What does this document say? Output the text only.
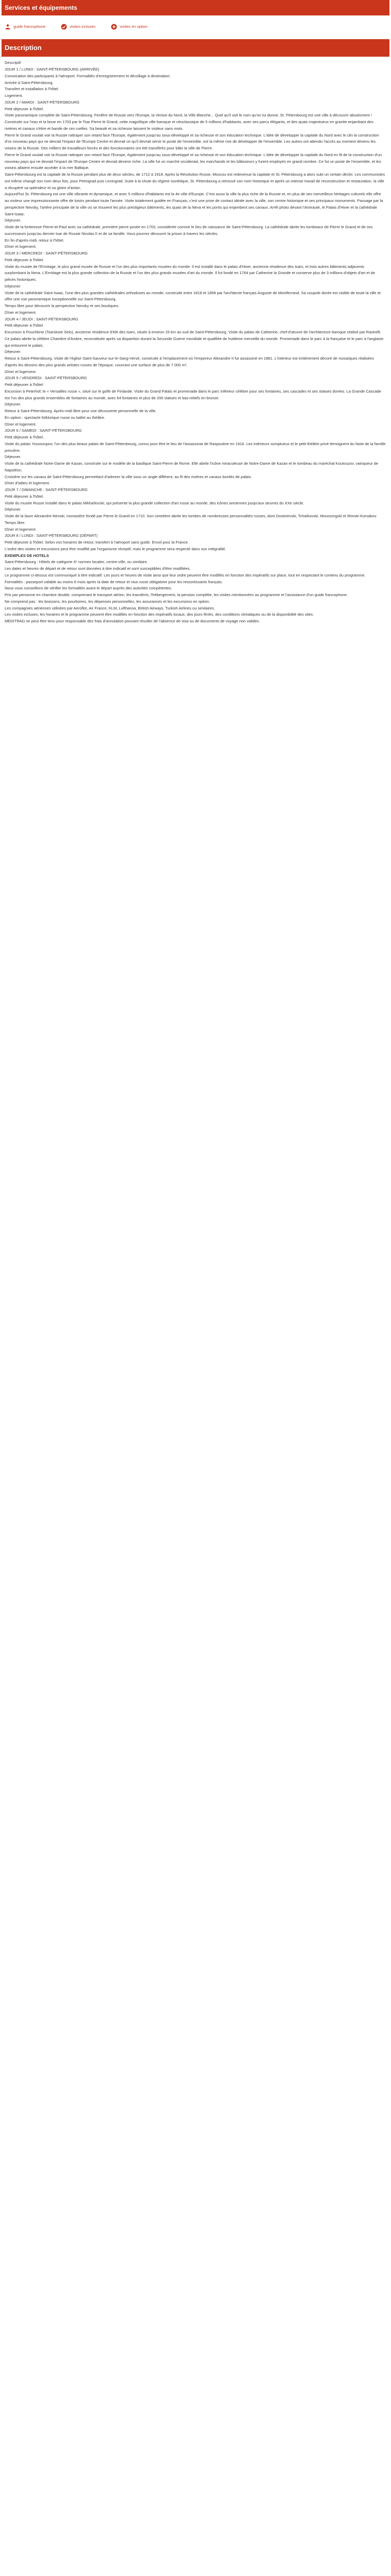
Services et équipements
guide francophone	visites incluses	visites en option
Description

Descriptif

JOUR 1 / LUNDI : SAINT-PÉTERSBOURG (ARRIVÉE)

Convocation des participants à l'aéroport. Formalités d'enregistrement et décollage à destination.

Arrivée à Saint-Pétersbourg.

Transfert et installation à l'hôtel.

Logement.

JOUR 2 / MARDI : SAINT-PÉTERSBOURG

Petit déjeuner à l'hôtel.

Visite panoramique complète de Saint-Pétersbourg. Fenêtre de Russie vers l'Europe, la Venise du Nord, la Ville Blanche... Quel qu'il soit le nom qu'on lui donne, St. Pétersbourg est une ville à découvrir absolument ! Construite sur l'eau et la boue en 1703 par le Tsar Pierre le Grand, cette magnifique ville baroque et néoclassique de 5 millions d'habitants, avec ses parcs élégants, et des quais majestueux en granite enjambant des rivières et canaux s'étire et bande de ces ruelles. Sa beauté et sa richesse laissent le visiteur sans mots.

Pierre le Grand voulait voir la Russie rattraper son retard face l'Europe, également jusqu'au sous-développé et sa richesse et son éducation technique. L'idée de développer la capitale du Nord avec le clin la construction d'ce nouveau pays qui ne devrait l'impact de l'Europe Centre et devrait ce qu'il devrait servir le poste de l'ensemble, est la même rive de développer de l'ensemble. Les autres ont attendu l'accès au moment devenu les voisins de la Russie. Des milliers de travailleurs forcés et des fonctionnaires ont été transférés pour bâtir la ville de Pierre.

Pierre le Grand voulait voir la Russie rattraper son retard face l'Europe, également jusqu'au sous-développé et sa richesse et son éducation technique. L'idée de développer la capitale du Nord en fit de la construction d'un nouveau pays qui ne devrait l'impact de l'Europe Centre et devrait devenir riche. La ville fut un marché occidental, les marchands et les bâtisseurs y furent employés en grand nombre. Ce fut un poste de l'ensemble, et les voisins allaient ensuite accéder à la mer Baltique.

Saint-Pétersbourg est la capitale de la Russie pendant plus de deux siècles, de 1712 à 1918. Après la Révolution Russe, Moscou est redevenue la capitale et St. Pétersbourg a alors subi un certain déclin. Les communistes ont même changé son nom deux fois, pour Petrograd puis Leningrad. Suite à la chute du régime soviétique, St. Pétersbourg a retrouvé son nom historique et après un intense travail de reconstruction et restauration, la ville a récupéré sa splendeur et sa gloire d'antan.

Aujourd'hui St. Pétersbourg est une ville vibrante et dynamique, et avec 5 millions d'habitants est la 4e ville d'Europe. C'est aussi la ville la plus riche de la Russie et, en plus de ses merveilleux héritages culturels elle offre au visiteur une impressionnante offre de loisirs pendant toute l'année. Visite totalement guidée en Français, c'est une prise de contact idéale avec la ville, son centre historique et ses principaux monuments. Passage par la perspective Nevsky, l'artère principale de la ville où se trouvent les plus prestigieux bâtiments, les quais de la Neva et les ponts qui enjambent ses canaux. Arrêt photo devant l'Amirauté, le Palais d'Hiver et la cathédrale Saint-Isaac.

Déjeuner.

Visite de la forteresse Pierre-et-Paul avec sa cathédrale, première pierre posée en 1703, considérée comme le lieu de naissance de Saint-Pétersbourg. La cathédrale abrite les tombeaux de Pierre le Grand et de ses successeurs jusqu'au dernier tsar de Russie Nicolas II et de sa famille. Vous pourrez découvrir la prison à travers les siècles.

En fin d'après-midi, retour à l'hôtel.

Dîner et logement.

JOUR 3 / MERCREDI : SAINT-PÉTERSBOURG

Petit déjeuner à l'hôtel.

Visite du musée de l'Ermitage, le plus grand musée de Russie et l'un des plus importants musées du monde. Il est installé dans le palais d'Hiver, ancienne résidence des tsars, et trois autres bâtiments adjacents surplombant la Neva. L'Ermitage est la plus grande collection de la Russie et l'un des plus grands musées d'art du monde. Il fut fondé en 1764 par Catherine la Grande et conserve plus de 3 millions d'objets d'art et de pièces historiques.

Déjeuner.

Visite de la cathédrale Saint-Isaac, l'une des plus grandes cathédrales orthodoxes au monde, construite entre 1818 et 1858 par l'architecte français Auguste de Montferrand. Sa coupole dorée est visible de toute la ville et offre une vue panoramique exceptionnelle sur Saint-Pétersbourg.

Temps libre pour découvrir la perspective Nevsky et ses boutiques.

Dîner et logement.

JOUR 4 / JEUDI : SAINT-PÉTERSBOURG

Petit déjeuner à l'hôtel.

Excursion à Pouchkine (Tsarskoïe Selo), ancienne résidence d'été des tsars, située à environ 25 km au sud de Saint-Pétersbourg. Visite du palais de Catherine, chef-d'œuvre de l'architecture baroque réalisé par Rastrelli. Ce palais abrite la célèbre Chambre d'Ambre, reconstituée après sa disparition durant la Seconde Guerre mondiale et qualifiée de huitième merveille du monde. Promenade dans le parc à la française et le parc à l'anglaise qui entourent le palais.

Déjeuner.

Retour à Saint-Pétersbourg. Visite de l'église Saint-Sauveur-sur-le-Sang-Versé, construite à l'emplacement où l'empereur Alexandre II fut assassiné en 1881. L'intérieur est entièrement décoré de mosaïques réalisées d'après les dessins des plus grands artistes russes de l'époque, couvrant une surface de plus de 7 000 m².

Dîner et logement.

JOUR 5 / VENDREDI : SAINT-PÉTERSBOURG

Petit déjeuner à l'hôtel.

Excursion à Peterhof, le « Versailles russe », situé sur le golfe de Finlande. Visite du Grand Palais et promenade dans le parc inférieur célèbre pour ses fontaines, ses cascades et ses statues dorées. La Grande Cascade est l'un des plus grands ensembles de fontaines au monde, avec 64 fontaines et plus de 200 statues et bas-reliefs en bronze.

Déjeuner.

Retour à Saint-Pétersbourg. Après-midi libre pour une découverte personnelle de la ville.

En option : spectacle folklorique russe ou ballet au théâtre.

Dîner et logement.

JOUR 6 / SAMEDI : SAINT-PÉTERSBOURG

Petit déjeuner à l'hôtel.

Visite du palais Youssoupov, l'un des plus beaux palais de Saint-Pétersbourg, connu pour être le lieu de l'assassinat de Raspoutine en 1916. Les intérieurs somptueux et le petit théâtre privé témoignent du faste de la famille princière.

Déjeuner.

Visite de la cathédrale Notre-Dame de Kazan, construite sur le modèle de la basilique Saint-Pierre de Rome. Elle abrite l'icône miraculeuse de Notre-Dame de Kazan et le tombeau du maréchal Koutouzov, vainqueur de Napoléon.

Croisière sur les canaux de Saint-Pétersbourg permettant d'admirer la ville sous un angle différent, au fil des rivières et canaux bordés de palais.

Dîner d'adieu et logement.

JOUR 7 / DIMANCHE : SAINT-PÉTERSBOURG

Petit déjeuner à l'hôtel.

Visite du musée Russe installé dans le palais Mikhaïlovski, qui présente la plus grande collection d'art russe au monde, des icônes anciennes jusqu'aux œuvres du XXe siècle.

Déjeuner.

Visite de la laure Alexandre-Nevski, monastère fondé par Pierre le Grand en 1710. Son cimetière abrite les tombes de nombreuses personnalités russes, dont Dostoïevski, Tchaïkovski, Moussorgski et Rimski-Korsakov.

Temps libre.

Dîner et logement.

JOUR 8 / LUNDI : SAINT-PÉTERSBOURG (DÉPART)

Petit déjeuner à l'hôtel. Selon vos horaires de retour, transfert à l'aéroport sans guide. Envol pour la France.

L'ordre des visites et excursions peut être modifié par l'organisme réceptif, mais le programme sera respecté dans son intégralité.

EXEMPLES DE HOTELS

Saint-Pétersbourg : Hôtels de catégorie 4* normes locales, centre-ville, ou similaire.

Les dates et heures de départ et de retour sont données à titre indicatif et sont susceptibles d'être modifiées.

Le programme ci-dessus est communiqué à titre indicatif. Les jours et heures de visite ainsi que leur ordre peuvent être modifiés en fonction des impératifs sur place, tout en respectant le contenu du programme.

Formalités : passeport valable au moins 6 mois après la date de retour et visa russe obligatoire pour les ressortissants français.

Nous vous conseillons de vérifier les formalités avant le départ auprès des autorités compétentes.

Prix par personne en chambre double, comprenant le transport aérien, les transferts, l'hébergement, la pension complète, les visites mentionnées au programme et l'assistance d'un guide francophone.

Ne comprend pas : les boissons, les pourboires, les dépenses personnelles, les assurances et les excursions en option.

Les compagnies aériennes utilisées par Aeroflot, Air France, KLM, Lufthansa, British Airways, Turkish Airlines ou similaires.

Les visites incluses, les horaires et le programme peuvent être modifiés en fonction des impératifs locaux, des jours fériés, des conditions climatiques ou de la disponibilité des sites.

MEDITRAD ne peut être tenu pour responsable des frais d'annulation pouvant résulter de l'absence de visa ou de documents de voyage non valides.
